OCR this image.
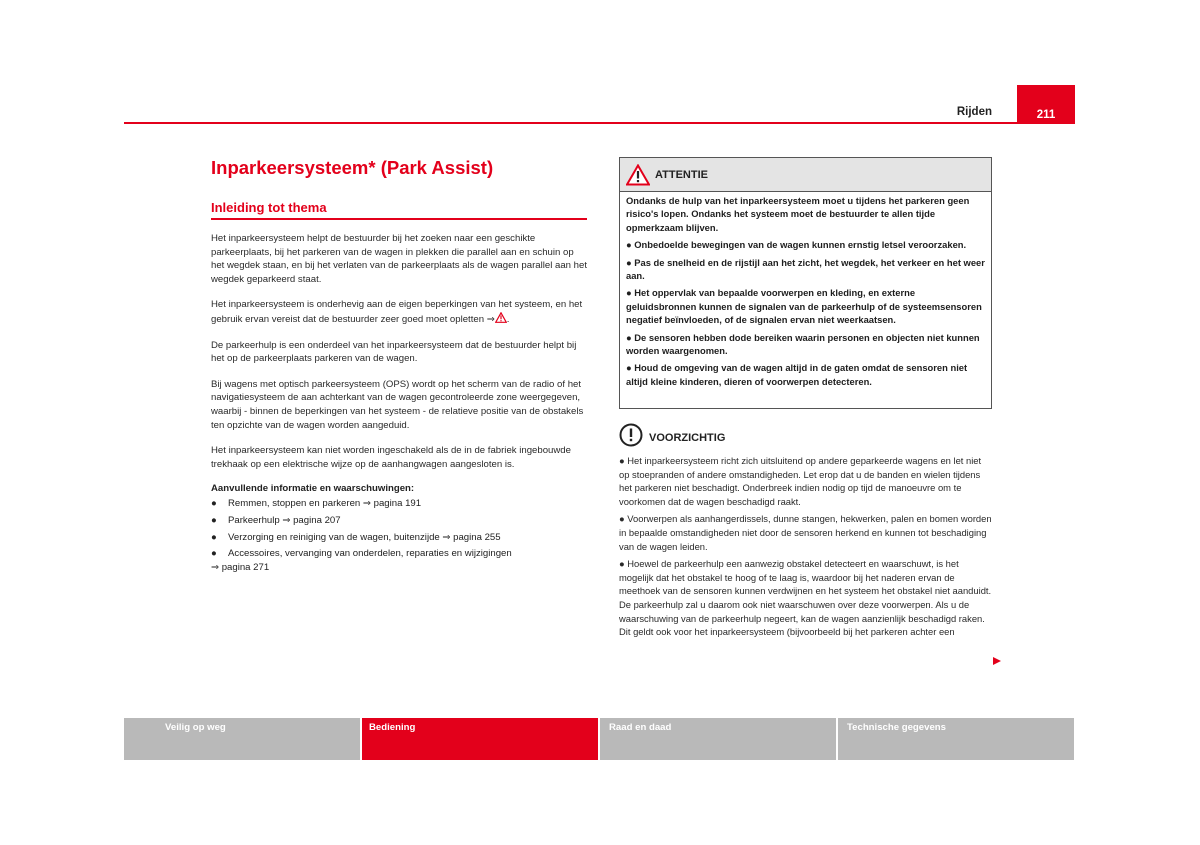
Rijden	211
Inparkeersysteem* (Park Assist)
Inleiding tot thema
Het inparkeersysteem helpt de bestuurder bij het zoeken naar een geschikte parkeerplaats, bij het parkeren van de wagen in plekken die parallel aan en schuin op het wegdek staan, en bij het verlaten van de parkeerplaats als de wagen parallel aan het wegdek geparkeerd staat.
Het inparkeersysteem is onderhevig aan de eigen beperkingen van het systeem, en het gebruik ervan vereist dat de bestuurder zeer goed moet opletten ⇒ .
De parkeerhulp is een onderdeel van het inparkeersysteem dat de bestuurder helpt bij het op de parkeerplaats parkeren van de wagen.
Bij wagens met optisch parkeersysteem (OPS) wordt op het scherm van de radio of het navigatiesysteem de aan achterkant van de wagen gecontroleerde zone weergegeven, waarbij - binnen de beperkingen van het systeem - de relatieve positie van de obstakels ten opzichte van de wagen worden aangeduid.
Het inparkeersysteem kan niet worden ingeschakeld als de in de fabriek ingebouwde trekhaak op een elektrische wijze op de aanhangwagen aangesloten is.
Aanvullende informatie en waarschuwingen:
● Remmen, stoppen en parkeren ⇒ pagina 191
● Parkeerhulp ⇒ pagina 207
● Verzorging en reiniging van de wagen, buitenzijde ⇒ pagina 255
● Accessoires, vervanging van onderdelen, reparaties en wijzigingen
⇒ pagina 271
ATTENTIE
Ondanks de hulp van het inparkeersysteem moet u tijdens het parkeren geen risico's lopen. Ondanks het systeem moet de bestuurder te allen tijde opmerkzaam blijven.
● Onbedoelde bewegingen van de wagen kunnen ernstig letsel veroorzaken.
● Pas de snelheid en de rijstijl aan het zicht, het wegdek, het verkeer en het weer aan.
● Het oppervlak van bepaalde voorwerpen en kleding, en externe geluidsbronnen kunnen de signalen van de parkeerhulp of de systeemsensoren negatief beïnvloeden, of de signalen ervan niet weerkaatsen.
● De sensoren hebben dode bereiken waarin personen en objecten niet kunnen worden waargenomen.
● Houd de omgeving van de wagen altijd in de gaten omdat de sensoren niet altijd kleine kinderen, dieren of voorwerpen detecteren.
VOORZICHTIG
● Het inparkeersysteem richt zich uitsluitend op andere geparkeerde wagens en let niet op stoepranden of andere omstandigheden. Let erop dat u de banden en wielen tijdens het parkeren niet beschadigt. Onderbreek indien nodig op tijd de manoeuvre om te voorkomen dat de wagen beschadigd raakt.
● Voorwerpen als aanhangerdissels, dunne stangen, hekwerken, palen en bomen worden in bepaalde omstandigheden niet door de sensoren herkend en kunnen tot beschadiging van de wagen leiden.
● Hoewel de parkeerhulp een aanwezig obstakel detecteert en waarschuwt, is het mogelijk dat het obstakel te hoog of te laag is, waardoor bij het naderen ervan de meethoek van de sensoren kunnen verdwijnen en het systeem het obstakel niet aanduidt. De parkeerhulp zal u daarom ook niet waarschuwen over deze voorwerpen. Als u de waarschuwing van de parkeerhulp negeert, kan de wagen aanzienlijk beschadigd raken. Dit geldt ook voor het inparkeersysteem (bijvoorbeeld bij het parkeren achter een
Veilig op weg	Bediening	Raad en daad	Technische gegevens
